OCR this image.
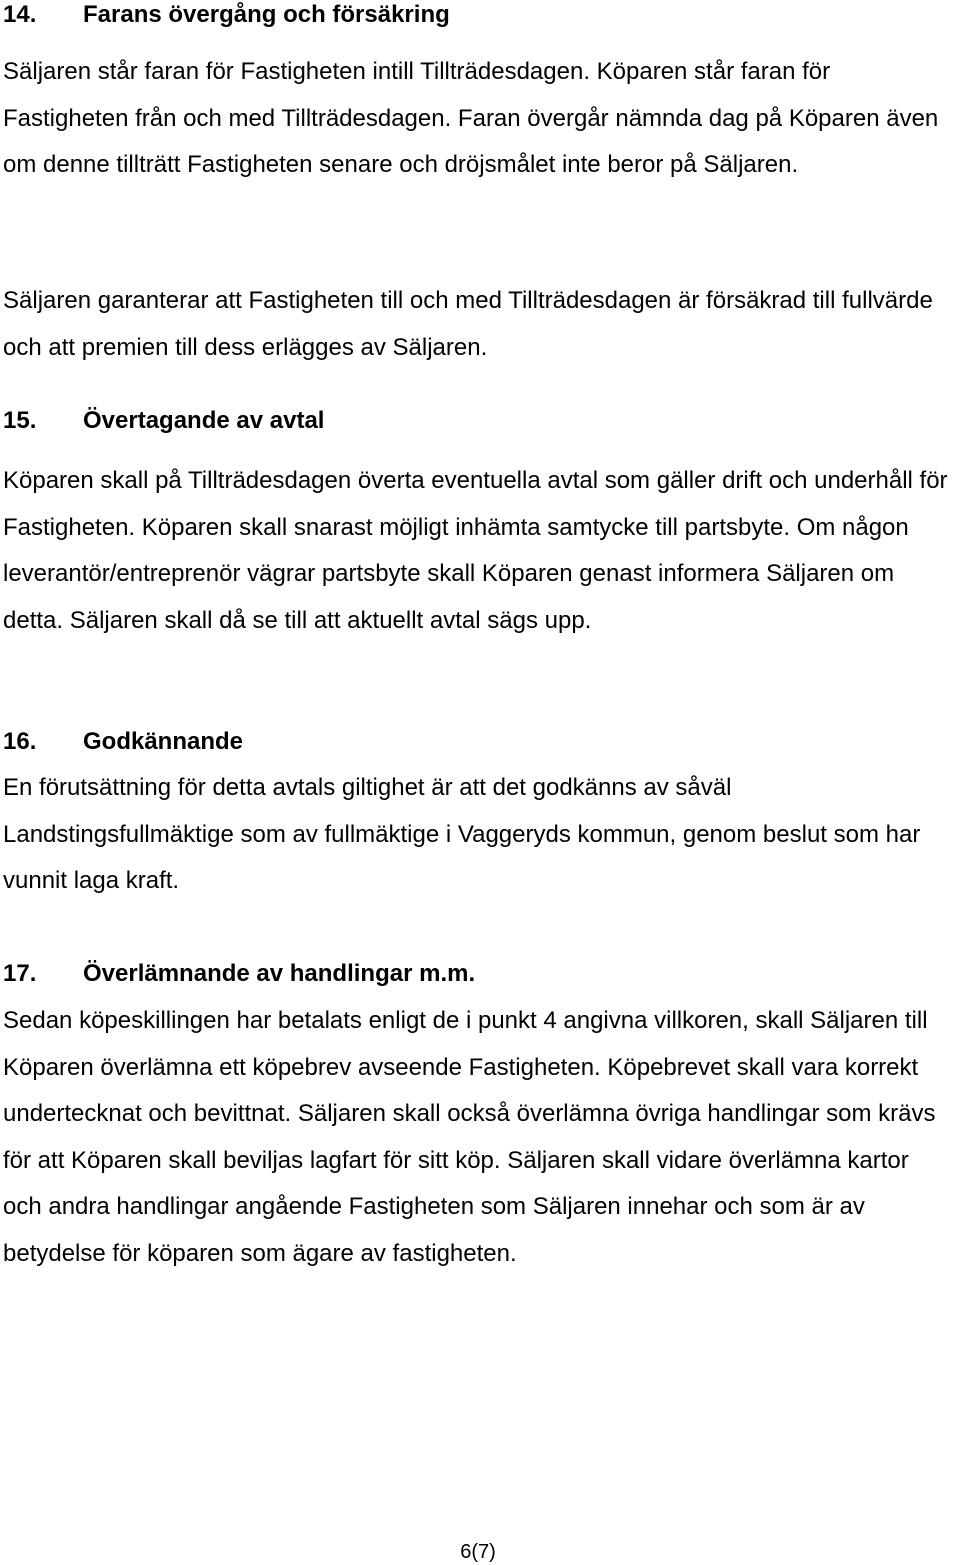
14. Farans övergång och försäkring

Säljaren står faran för Fastigheten intill Tillträdesdagen. Köparen står faran för Fastigheten från och med Tillträdesdagen. Faran övergår nämnda dag på Köparen även om denne tillträtt Fastigheten senare och dröjsmålet inte beror på Säljaren.

Säljaren garanterar att Fastigheten till och med Tillträdesdagen är försäkrad till fullvärde och att premien till dess erlägges av Säljaren.

15. Övertagande av avtal

Köparen skall på Tillträdesdagen överta eventuella avtal som gäller drift och underhåll för Fastigheten. Köparen skall snarast möjligt inhämta samtycke till partsbyte. Om någon leverantör/entreprenör vägrar partsbyte skall Köparen genast informera Säljaren om detta. Säljaren skall då se till att aktuellt avtal sägs upp.

16. Godkännande

En förutsättning för detta avtals giltighet är att det godkänns av såväl Landstingsfullmäktige som av fullmäktige i Vaggeryds kommun, genom beslut som har vunnit laga kraft.

17. Överlämnande av handlingar m.m.

Sedan köpeskillingen har betalats enligt de i punkt 4 angivna villkoren, skall Säljaren till Köparen överlämna ett köpebrev avseende Fastigheten. Köpebrevet skall vara korrekt undertecknat och bevittnat. Säljaren skall också överlämna övriga handlingar som krävs för att Köparen skall beviljas lagfart för sitt köp. Säljaren skall vidare överlämna kartor och andra handlingar angående Fastigheten som Säljaren innehar och som är av betydelse för köparen som ägare av fastigheten.

6(7)
